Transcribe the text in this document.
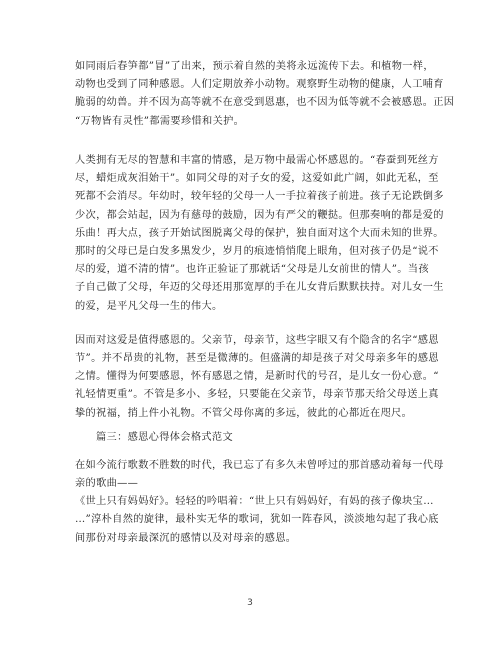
如同雨后春笋都”冒”了出来，预示着自然的美将永远流传下去。和植物一样，
动物也受到了同种感恩。人们定期放养小动物。观察野生动物的健康，人工哺育
脆弱的幼兽。并不因为高等就不在意受到恩惠，也不因为低等就不会被感恩。正因
“万物皆有灵性”都需要珍惜和关护。
人类拥有无尽的智慧和丰富的情感，是万物中最需心怀感恩的。“春蚕到死丝方
尽，蜡炬成灰泪始干”。如同父母的对子女的爱，这爱如此广阔，如此无私，至
死都不会消尽。年幼时，较年轻的父母一人一手拉着孩子前进。孩子无论跌倒多
少次，都会站起，因为有慈母的鼓励，因为有严父的鞭挞。但那奏响的都是爱的
乐曲！再大点，孩子开始试图脱离父母的保护，独自面对这个大而未知的世界。
那时的父母已是白发多黑发少，岁月的痕迹悄悄爬上眼角，但对孩子仍是“说不
尽的爱，道不清的情”。也许正验证了那就话“父母是儿女前世的情人”。当孩
子自己做了父母，年迈的父母还用那宽厚的手在儿女背后默默扶持。对儿女一生
的爱，是平凡父母一生的伟大。
因而对这爱是值得感恩的。父亲节，母亲节，这些字眼又有个隐含的名字“感恩
节”。并不昂贵的礼物，甚至是微薄的。但盛满的却是孩子对父母亲多年的感恩
之情。懂得为何要感恩，怀有感恩之情，是新时代的号召，是儿女一份心意。“
礼轻情更重”。不管是多小、多轻，只要能在父亲节，母亲节那天给父母送上真
挚的祝福，捎上件小礼物。不管父母你离的多远，彼此的心都近在咫尺。
在如今流行歌数不胜数的时代，我已忘了有多久未曾呼过的那首感动着每一代母
亲的歌曲——
《世上只有妈妈好》。轻轻的吟唱着：“世上只有妈妈好，有妈的孩子像块宝…
…”淳朴自然的旋律，最朴实无华的歌词，犹如一阵春风，淡淡地勾起了我心底
间那份对母亲最深沉的感情以及对母亲的感恩。
篇三：感恩心得体会格式范文
3
